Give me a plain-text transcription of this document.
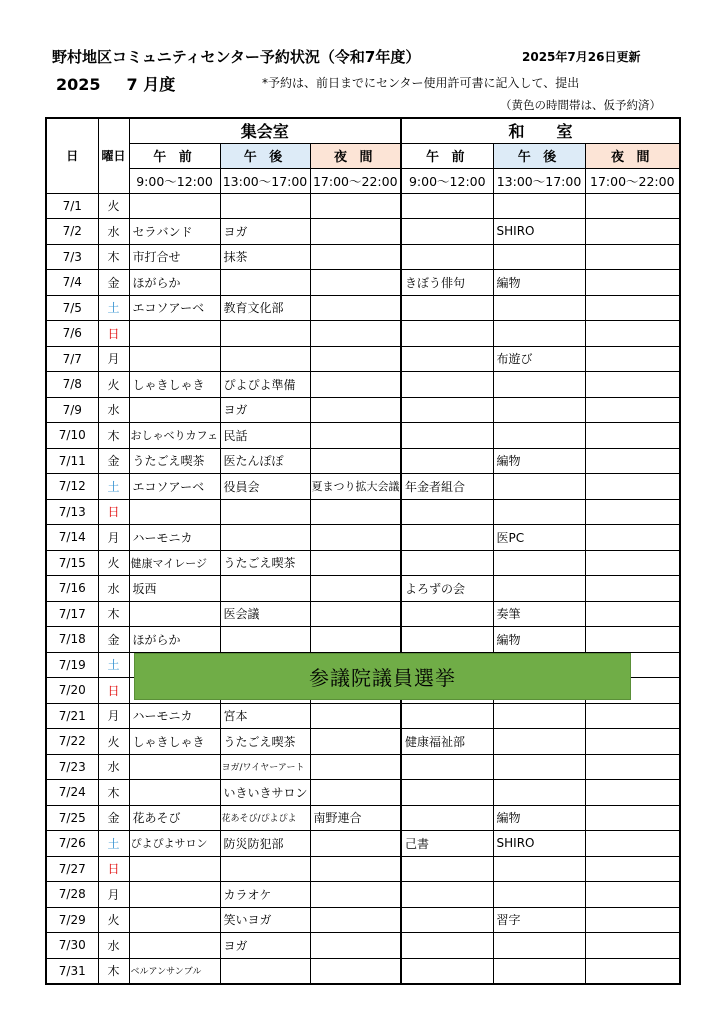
野村地区コミュニティセンター予約状況（令和7年度）	2025年7月26日更新
2025 7 月度	*予約は、前日までにセンター使用許可書に記入して、提出
（黄色の時間帯は、仮予約済）
日	曜日	集会室			和　　室		
		午 前	午 後	夜 間	午 前	午 後	夜 間
		9:00～12:00	13:00～17:00	17:00～22:00	9:00～12:00	13:00～17:00	17:00～22:00
7/1	火						
7/2	水	セラバンド	ヨガ			SHIRO	
7/3	木	市打合せ	抹茶				
7/4	金	ほがらか			きぼう俳句	編物	
7/5	土	エコソアーベ	教育文化部				
7/6	日						
7/7	月					布遊び	
7/8	火	しゃきしゃき	ぴよぴよ準備				
7/9	水		ヨガ				
7/10	木	おしゃべりカフェ	民話				
7/11	金	うたごえ喫茶	医たんぽぽ			編物	
7/12	土	エコソアーベ	役員会	夏まつり拡大会議	年金者組合		
7/13	日						
7/14	月	ハーモニカ				医PC	
7/15	火	健康マイレージ	うたごえ喫茶				
7/16	水	坂西			よろずの会		
7/17	木		医会議			奏筆	
7/18	金	ほがらか				編物	
7/19	土						
7/20	日						
7/21	月	ハーモニカ	宮本				
7/22	火	しゃきしゃき	うたごえ喫茶		健康福祉部		
7/23	水		ヨガ/ワイヤーアート				
7/24	木		いきいきサロン				
7/25	金	花あそび	花あそび/ぴよぴよ	南野連合		編物	
7/26	土	ぴよぴよサロン	防災防犯部		己書	SHIRO	
7/27	日						
7/28	月		カラオケ				
7/29	火		笑いヨガ			習字	
7/30	水		ヨガ				
7/31	木	ベルアンサンブル					
参議院議員選挙
